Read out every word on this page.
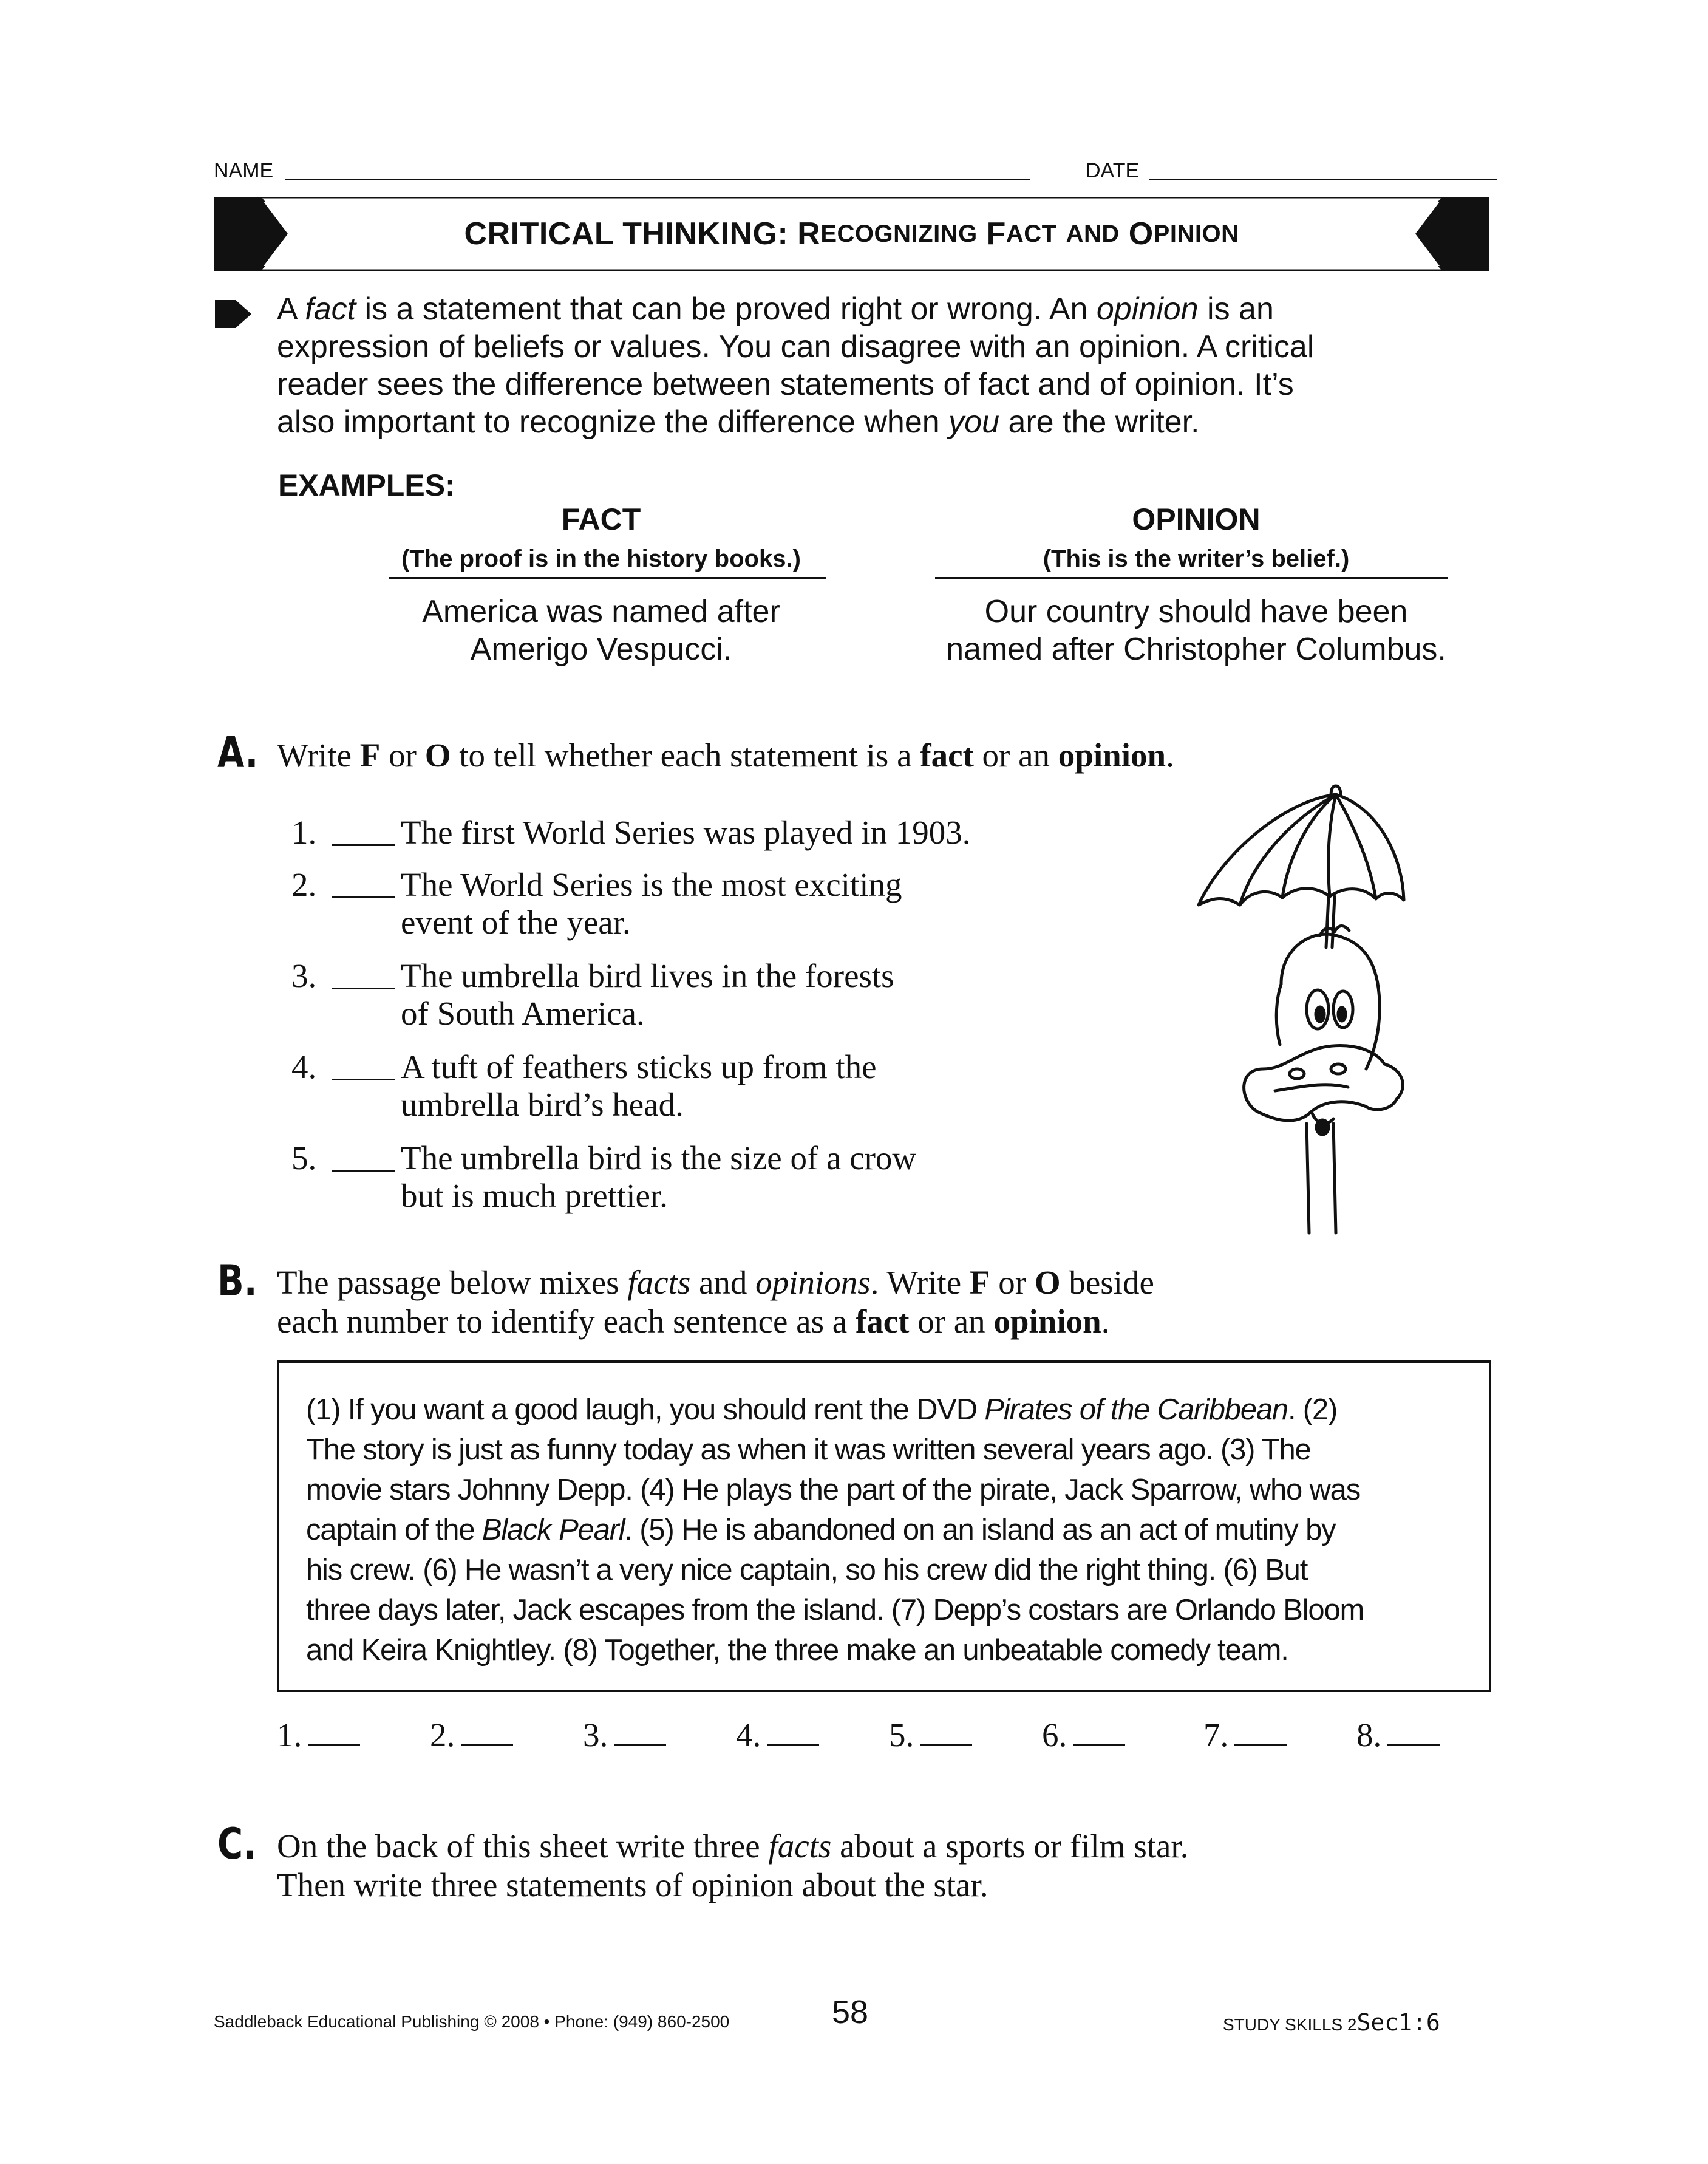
NAME	DATE
CRITICAL THINKING:
R ECOGNIZING
F ACT
AND
O PINION

A fact is a statement that can be proved right or wrong. An opinion is an

expression of beliefs or values. You can disagree with an opinion. A critical

reader sees the difference between statements of fact and of opinion. It’s

also important to recognize the difference when you are the writer.

EXAMPLES:
FACT
(The proof is in the history books.)
America was named after
Amerigo Vespucci.
OPINION
(This is the writer’s belief.)
Our country should have been
named after Christopher Columbus.
A. Write F or O to tell whether each statement is a fact or an opinion.
1.	The first World Series was played in 1903.
2.	The World Series is the most exciting
event of the year.
3.	The umbrella bird lives in the forests
of South America.
4.	A tuft of feathers sticks up from the
umbrella bird’s head.
5.	The umbrella bird is the size of a crow
but is much prettier.
B. The passage below mixes facts and opinions. Write F or O beside
each number to identify each sentence as a fact or an opinion.
(1) If you want a good laugh, you should rent the DVD Pirates of the Caribbean. (2)
The story is just as funny today as when it was written several years ago. (3) The
movie stars Johnny Depp. (4) He plays the part of the pirate, Jack Sparrow, who was
captain of the Black Pearl. (5) He is abandoned on an island as an act of mutiny by
his crew. (6) He wasn’t a very nice captain, so his crew did the right thing. (6) But
three days later, Jack escapes from the island. (7) Depp’s costars are Orlando Bloom
and Keira Knightley. (8) Together, the three make an unbeatable comedy team.
1.	2.	3.	4.	5.	6.	7.	8.
C. On the back of this sheet write three facts about a sports or film star.
Then write three statements of opinion about the star.
Saddleback Educational Publishing © 2008 • Phone: (949) 860-2500	58	STUDY SKILLS 2Sec1:6
